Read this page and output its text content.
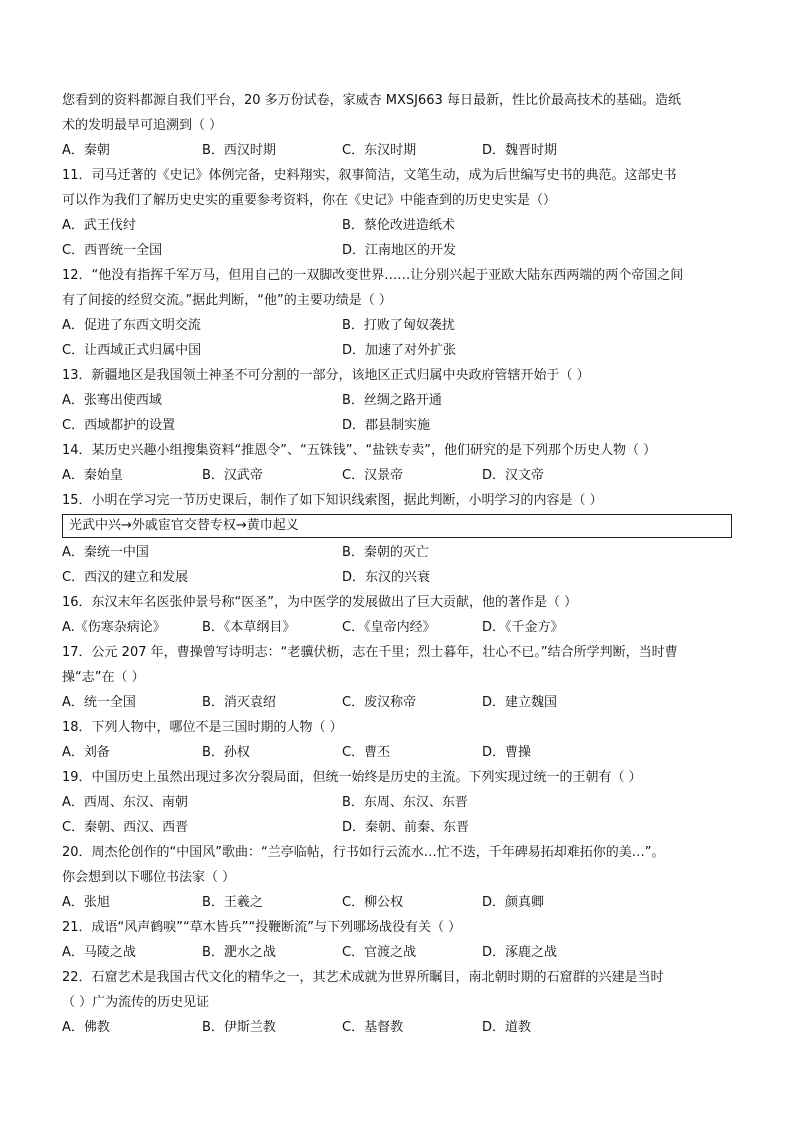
您看到的资料都源自我们平台，20 多万份试卷，家威杏 MXSJ663 每日最新，性比价最高技术的基础。造纸
术的发明最早可追溯到（ ）
A．秦朝	B．西汉时期	C．东汉时期	D．魏晋时期
11．司马迁著的《史记》体例完备，史料翔实，叙事简洁，文笔生动，成为后世编写史书的典范。这部史书
可以作为我们了解历史史实的重要参考资料，你在《史记》中能查到的历史史实是（）
A．武王伐纣	B．蔡伦改进造纸术
C．西晋统一全国	D．江南地区的开发
12．“他没有指挥千军万马，但用自己的一双脚改变世界……让分别兴起于亚欧大陆东西两端的两个帝国之间
有了间接的经贸交流。”据此判断，“他”的主要功绩是（ ）
A．促进了东西文明交流	B．打败了匈奴袭扰
C．让西域正式归属中国	D．加速了对外扩张
13．新疆地区是我国领土神圣不可分割的一部分，该地区正式归属中央政府管辖开始于（ ）
A．张骞出使西域	B．丝绸之路开通
C．西域都护的设置	D．郡县制实施
14．某历史兴趣小组搜集资料“推恩令”、“五铢钱”、“盐铁专卖”，他们研究的是下列那个历史人物（ ）
A．秦始皇	B．汉武帝	C．汉景帝	D．汉文帝
15．小明在学习完一节历史课后，制作了如下知识线索图，据此判断，小明学习的内容是（ ）
光武中兴→外戚宦官交替专权→黄巾起义
A．秦统一中国	B．秦朝的灭亡
C．西汉的建立和发展	D．东汉的兴衰
16．东汉末年名医张仲景号称“医圣”，为中医学的发展做出了巨大贡献，他的著作是（ ）
A.《伤寒杂病论》	B．《本草纲目》	C．《皇帝内经》	D．《千金方》
17．公元 207 年，曹操曾写诗明志：“老骥伏枥，志在千里；烈士暮年，壮心不已。”结合所学判断，当时曹
操“志”在（ ）
A．统一全国	B．消灭袁绍	C．废汉称帝	D．建立魏国
18．下列人物中，哪位不是三国时期的人物（ ）
A．刘备	B．孙权	C．曹丕	D．曹操
19．中国历史上虽然出现过多次分裂局面，但统一始终是历史的主流。下列实现过统一的王朝有（ ）
A．西周、东汉、南朝	B．东周、东汉、东晋
C．秦朝、西汉、西晋	D．秦朝、前秦、东晋
20．周杰伦创作的“中国风”歌曲：“兰亭临帖，行书如行云流水…忙不迭，千年碑易拓却难拓你的美…”。
你会想到以下哪位书法家（ ）
A．张旭	B．王羲之	C．柳公权	D．颜真卿
21．成语“风声鹤唳”“草木皆兵”“投鞭断流”与下列哪场战役有关（ ）
A．马陵之战	B．淝水之战	C．官渡之战	D．涿鹿之战
22．石窟艺术是我国古代文化的精华之一，其艺术成就为世界所瞩目，南北朝时期的石窟群的兴建是当时
（ ）广为流传的历史见证
A．佛教	B．伊斯兰教	C．基督教	D．道教
